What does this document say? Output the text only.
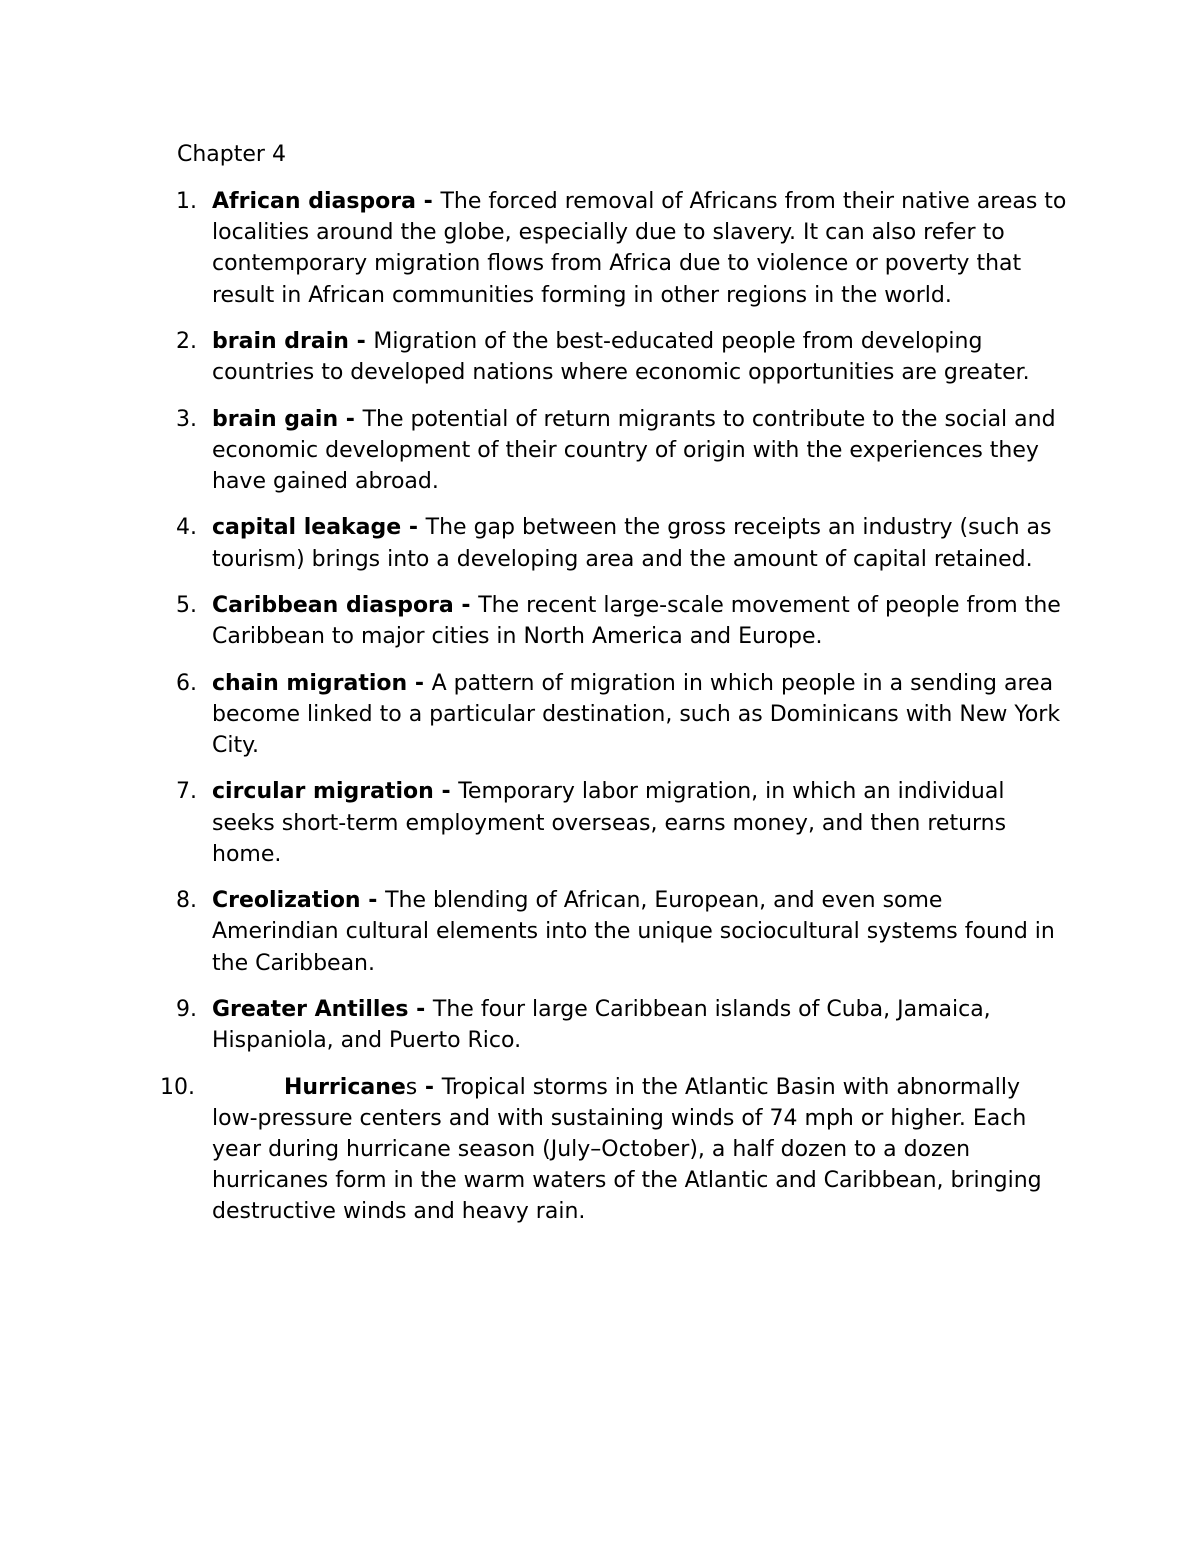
Chapter 4
1. African diaspora - The forced removal of Africans from their native areas to localities around the globe, especially due to slavery. It can also refer to contemporary migration flows from Africa due to violence or poverty that result in African communities forming in other regions in the world.
2. brain drain - Migration of the best-educated people from developing countries to developed nations where economic opportunities are greater.
3. brain gain - The potential of return migrants to contribute to the social and economic development of their country of origin with the experiences they have gained abroad.
4. capital leakage - The gap between the gross receipts an industry (such as tourism) brings into a developing area and the amount of capital retained.
5. Caribbean diaspora - The recent large-scale movement of people from the Caribbean to major cities in North America and Europe.
6. chain migration - A pattern of migration in which people in a sending area become linked to a particular destination, such as Dominicans with New York City.
7. circular migration - Temporary labor migration, in which an individual seeks short-term employment overseas, earns money, and then returns home.
8. Creolization - The blending of African, European, and even some Amerindian cultural elements into the unique sociocultural systems found in the Caribbean.
9. Greater Antilles - The four large Caribbean islands of Cuba, Jamaica, Hispaniola, and Puerto Rico.
10.	Hurricanes - Tropical storms in the Atlantic Basin with abnormally low-pressure centers and with sustaining winds of 74 mph or higher. Each year during hurricane season (July–October), a half dozen to a dozen hurricanes form in the warm waters of the Atlantic and Caribbean, bringing destructive winds and heavy rain.
